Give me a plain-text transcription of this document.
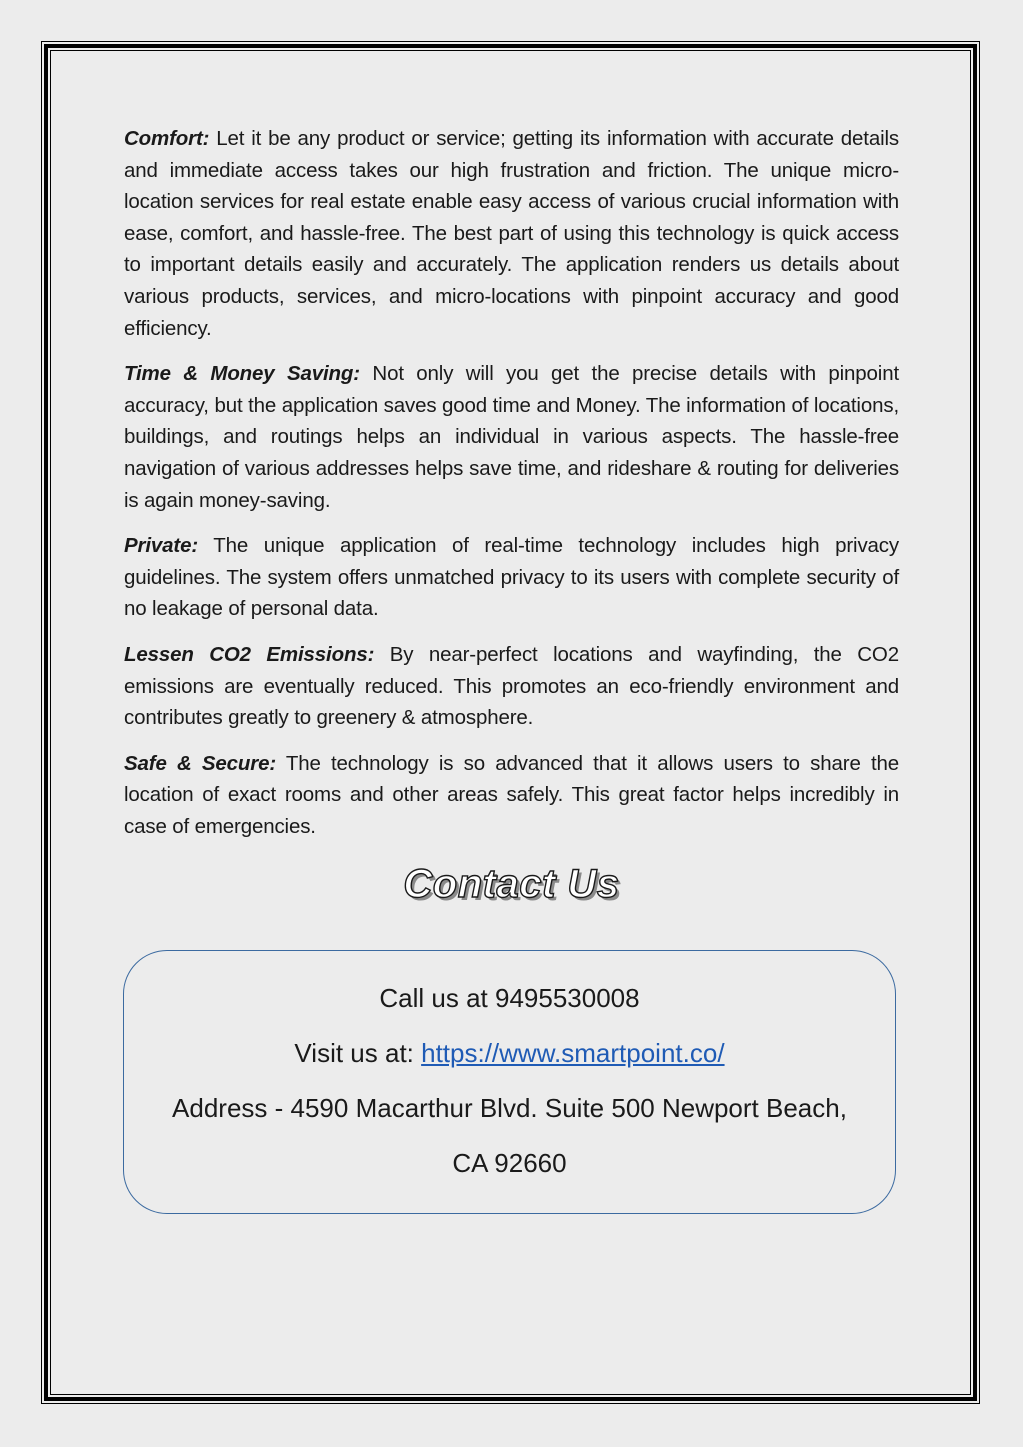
Comfort: Let it be any product or service; getting its information with accurate details and immediate access takes our high frustration and friction. The unique micro-location services for real estate enable easy access of various crucial information with ease, comfort, and hassle-free. The best part of using this technology is quick access to important details easily and accurately. The application renders us details about various products, services, and micro-locations with pinpoint accuracy and good efficiency.

Time & Money Saving: Not only will you get the precise details with pinpoint accuracy, but the application saves good time and Money. The information of locations, buildings, and routings helps an individual in various aspects. The hassle-free navigation of various addresses helps save time, and rideshare & routing for deliveries is again money-saving.

Private: The unique application of real-time technology includes high privacy guidelines. The system offers unmatched privacy to its users with complete security of no leakage of personal data.

Lessen CO2 Emissions: By near-perfect locations and wayfinding, the CO2 emissions are eventually reduced. This promotes an eco-friendly environment and contributes greatly to greenery & atmosphere.

Safe & Secure: The technology is so advanced that it allows users to share the location of exact rooms and other areas safely. This great factor helps incredibly in case of emergencies.

Contact Us
Call us at 9495530008
Visit us at: https://www.smartpoint.co/
Address - 4590 Macarthur Blvd. Suite 500 Newport Beach,
CA 92660
